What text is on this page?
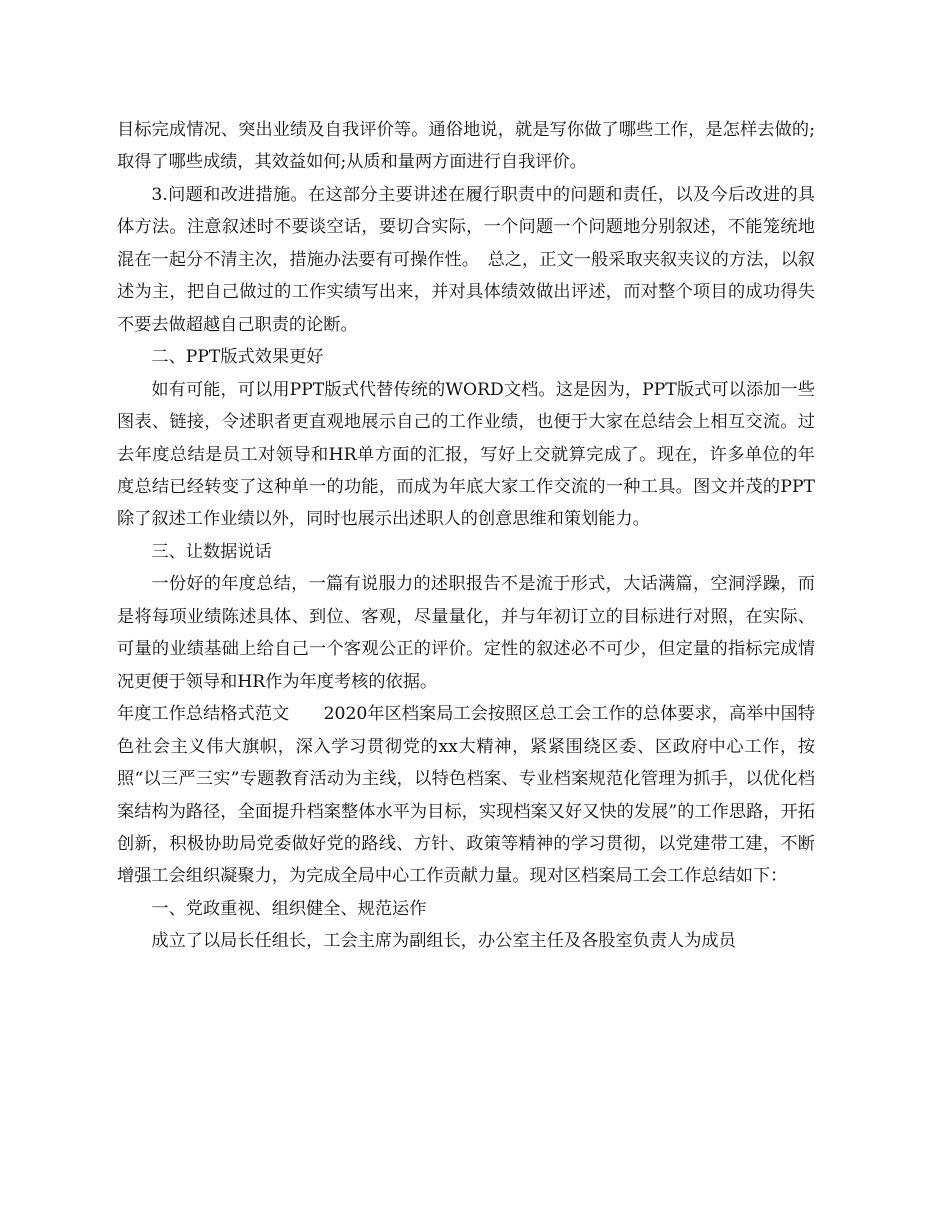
目标完成情况、突出业绩及自我评价等。通俗地说，就是写你做了哪些工作，是怎样去做的;取得了哪些成绩，其效益如何;从质和量两方面进行自我评价。

3.问题和改进措施。在这部分主要讲述在履行职责中的问题和责任，以及今后改进的具体方法。注意叙述时不要谈空话，要切合实际，一个问题一个问题地分别叙述，不能笼统地混在一起分不清主次，措施办法要有可操作性。　总之，正文一般采取夹叙夹议的方法，以叙述为主，把自己做过的工作实绩写出来，并对具体绩效做出评述，而对整个项目的成功得失不要去做超越自己职责的论断。

二、PPT版式效果更好

如有可能，可以用PPT版式代替传统的WORD文档。这是因为，PPT版式可以添加一些图表、链接，令述职者更直观地展示自己的工作业绩，也便于大家在总结会上相互交流。过去年度总结是员工对领导和HR单方面的汇报，写好上交就算完成了。现在，许多单位的年度总结已经转变了这种单一的功能，而成为年底大家工作交流的一种工具。图文并茂的PPT除了叙述工作业绩以外，同时也展示出述职人的创意思维和策划能力。

三、让数据说话

一份好的年度总结，一篇有说服力的述职报告不是流于形式，大话满篇，空洞浮躁，而是将每项业绩陈述具体、到位、客观，尽量量化，并与年初订立的目标进行对照，在实际、可量的业绩基础上给自己一个客观公正的评价。定性的叙述必不可少，但定量的指标完成情况更便于领导和HR作为年度考核的依据。

年度工作总结格式范文　　2020年区档案局工会按照区总工会工作的总体要求，高举中国特色社会主义伟大旗帜，深入学习贯彻党的xx大精神，紧紧围绕区委、区政府中心工作，按照“以三严三实”专题教育活动为主线，以特色档案、专业档案规范化管理为抓手，以优化档案结构为路径，全面提升档案整体水平为目标，实现档案又好又快的发展”的工作思路，开拓创新，积极协助局党委做好党的路线、方针、政策等精神的学习贯彻，以党建带工建，不断增强工会组织凝聚力，为完成全局中心工作贡献力量。现对区档案局工会工作总结如下：

一、党政重视、组织健全、规范运作

成立了以局长任组长，工会主席为副组长，办公室主任及各股室负责人为成员
